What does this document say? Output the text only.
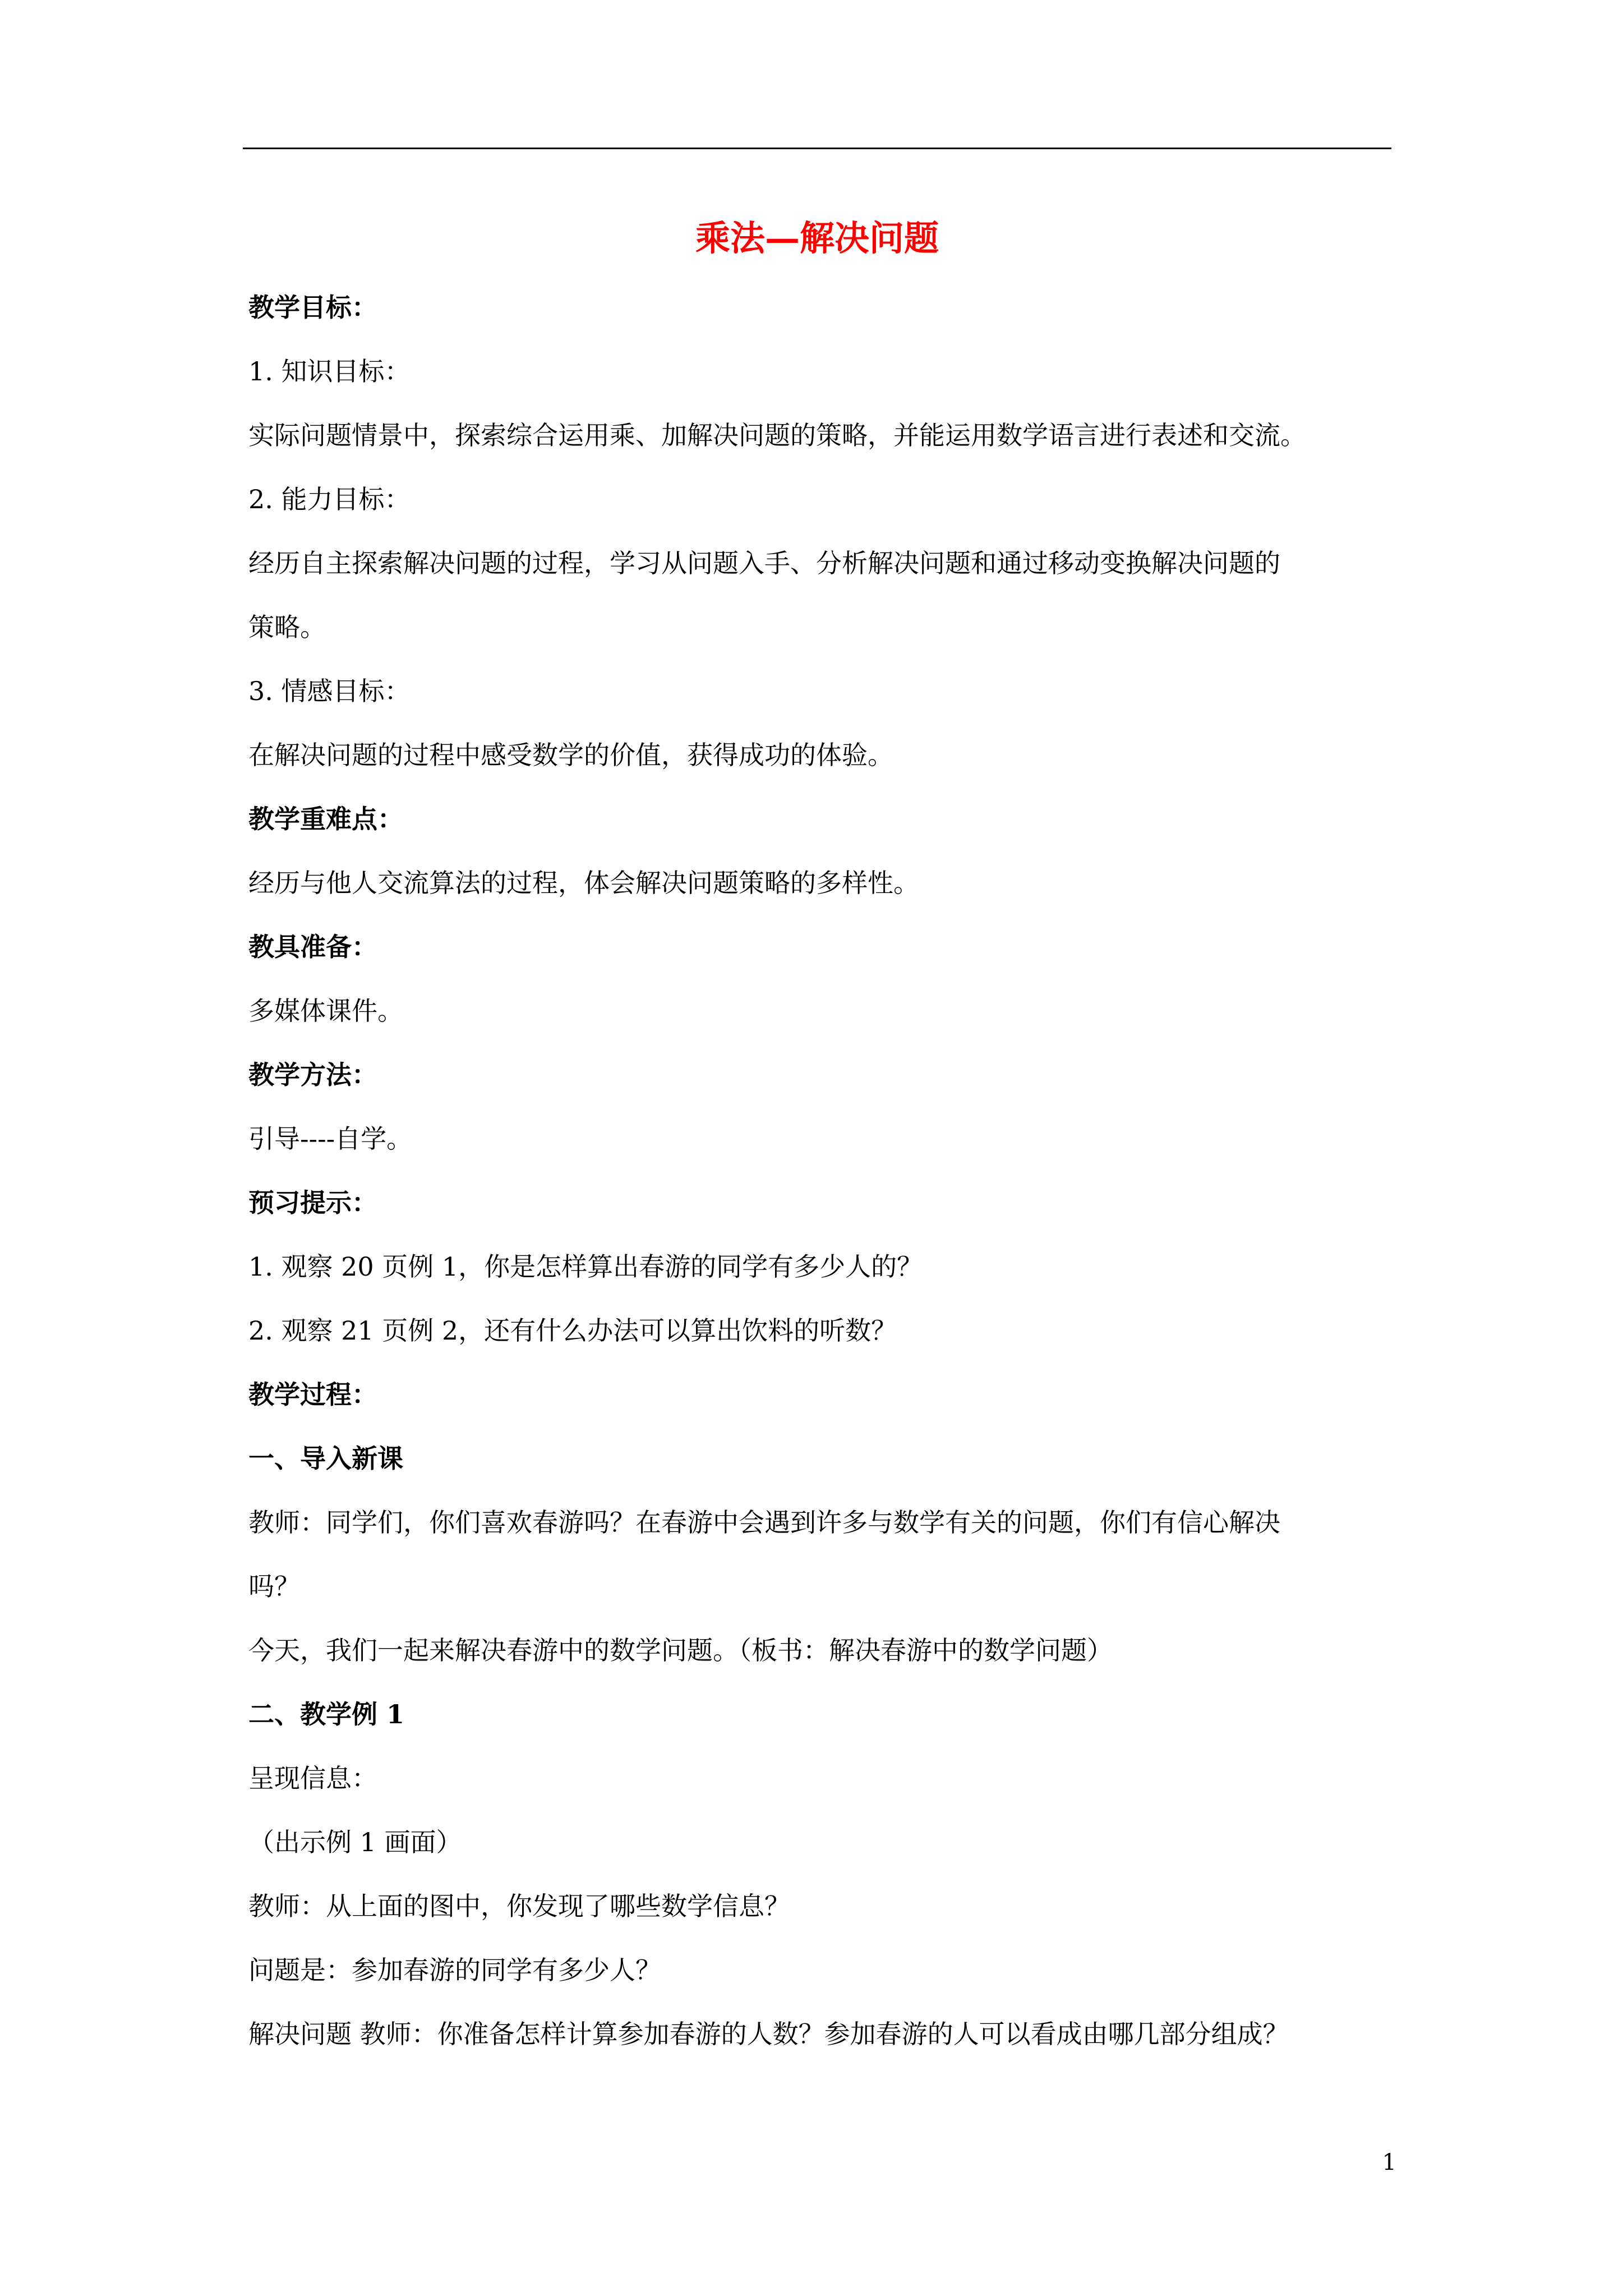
乘法—解决问题
教学目标：
1. 知识目标：
实际问题情景中，探索综合运用乘、加解决问题的策略，并能运用数学语言进行表述和交流。
2. 能力目标：
经历自主探索解决问题的过程，学习从问题入手、分析解决问题和通过移动变换解决问题的
策略。
3. 情感目标：
在解决问题的过程中感受数学的价值，获得成功的体验。
教学重难点：
经历与他人交流算法的过程，体会解决问题策略的多样性。
教具准备：
多媒体课件。
教学方法：
引导----自学。
预习提示：
1. 观察 20 页例 1，你是怎样算出春游的同学有多少人的？
2. 观察 21 页例 2，还有什么办法可以算出饮料的听数？
教学过程：
一、导入新课
教师：同学们，你们喜欢春游吗？在春游中会遇到许多与数学有关的问题，你们有信心解决
吗？
今天，我们一起来解决春游中的数学问题。（板书：解决春游中的数学问题）
二、教学例 1
呈现信息：
（出示例 1 画面）
教师：从上面的图中，你发现了哪些数学信息？
问题是：参加春游的同学有多少人？
解决问题 教师：你准备怎样计算参加春游的人数？参加春游的人可以看成由哪几部分组成？
1
